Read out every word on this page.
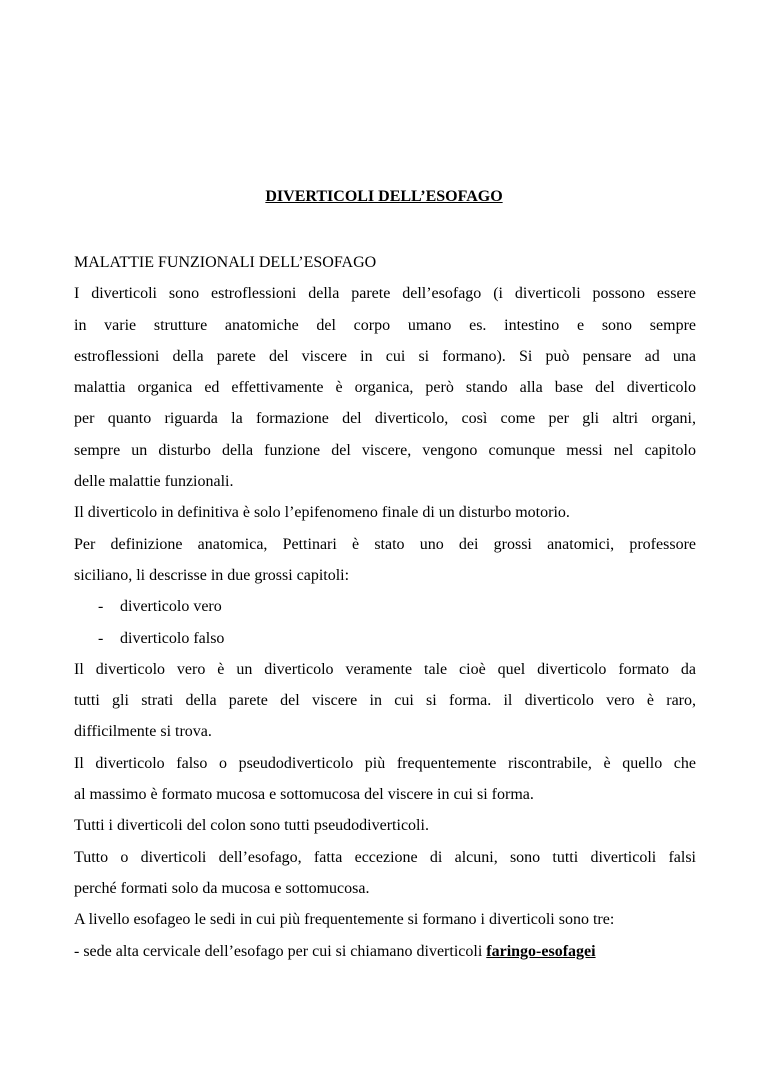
DIVERTICOLI DELL’ESOFAGO
MALATTIE FUNZIONALI DELL’ESOFAGO
I diverticoli sono estroflessioni della parete dell’esofago (i diverticoli possono essere
in varie strutture anatomiche del corpo umano es. intestino e sono sempre
estroflessioni della parete del viscere in cui si formano). Si può pensare ad una
malattia organica ed effettivamente è organica, però stando alla base del diverticolo
per quanto riguarda la formazione del diverticolo, così come per gli altri organi,
sempre un disturbo della funzione del viscere, vengono comunque messi nel capitolo
delle malattie funzionali.
Il diverticolo in definitiva è solo l’epifenomeno finale di un disturbo motorio.
Per definizione anatomica, Pettinari è stato uno dei grossi anatomici, professore
siciliano, li descrisse in due grossi capitoli:
- diverticolo vero
- diverticolo falso
Il diverticolo vero è un diverticolo veramente tale cioè quel diverticolo formato da
tutti gli strati della parete del viscere in cui si forma. il diverticolo vero è raro,
difficilmente si trova.
Il diverticolo falso o pseudodiverticolo più frequentemente riscontrabile, è quello che
al massimo è formato mucosa e sottomucosa del viscere in cui si forma.
Tutti i diverticoli del colon sono tutti pseudodiverticoli.
Tutto o diverticoli dell’esofago, fatta eccezione di alcuni, sono tutti diverticoli falsi
perché formati solo da mucosa e sottomucosa.
A livello esofageo le sedi in cui più frequentemente si formano i diverticoli sono tre:
- sede alta cervicale dell’esofago per cui si chiamano diverticoli faringo-esofagei
